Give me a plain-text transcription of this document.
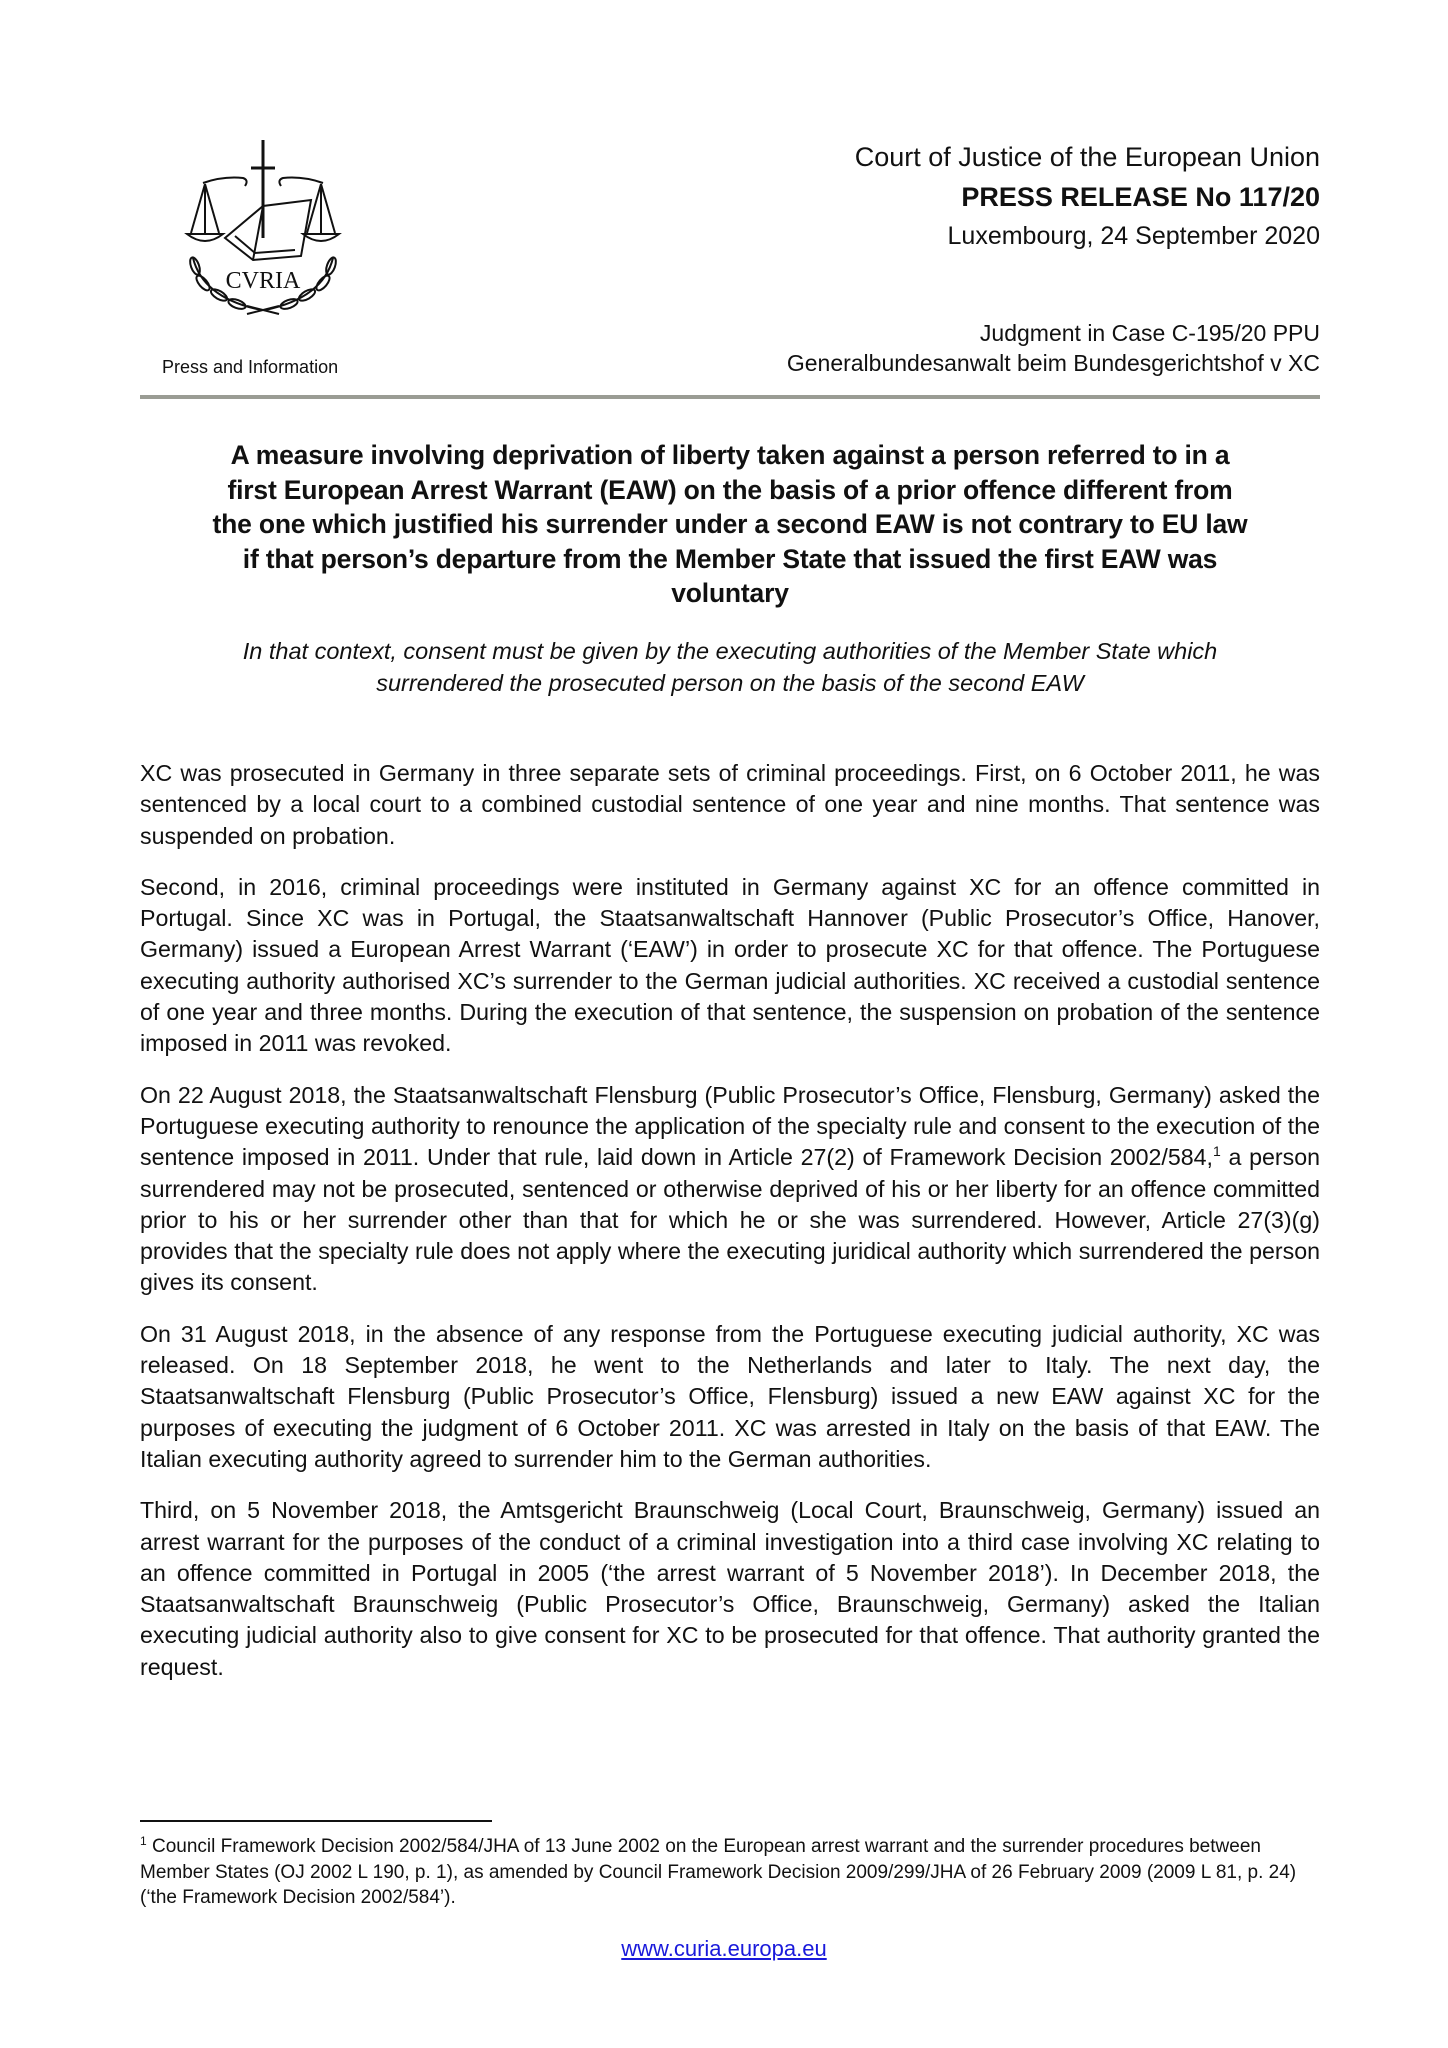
CVRIA
Press and Information
Court of Justice of the European Union
PRESS RELEASE No 117/20
Luxembourg, 24 September 2020
Judgment in Case C-195/20 PPU
Generalbundesanwalt beim Bundesgerichtshof v XC
A measure involving deprivation of liberty taken against a person referred to in a
first European Arrest Warrant (EAW) on the basis of a prior offence different from
the one which justified his surrender under a second EAW is not contrary to EU law
if that person’s departure from the Member State that issued the first EAW was
voluntary
In that context, consent must be given by the executing authorities of the Member State which
surrendered the prosecuted person on the basis of the second EAW

XC was prosecuted in Germany in three separate sets of criminal proceedings. First, on 6 October 2011, he was sentenced by a local court to a combined custodial sentence of one year and nine months. That sentence was suspended on probation.

Second, in 2016, criminal proceedings were instituted in Germany against XC for an offence committed in Portugal. Since XC was in Portugal, the Staatsanwaltschaft Hannover (Public Prosecutor’s Office, Hanover, Germany) issued a European Arrest Warrant (‘EAW’) in order to prosecute XC for that offence. The Portuguese executing authority authorised XC’s surrender to the German judicial authorities. XC received a custodial sentence of one year and three months. During the execution of that sentence, the suspension on probation of the sentence imposed in 2011 was revoked.

On 22 August 2018, the Staatsanwaltschaft Flensburg (Public Prosecutor’s Office, Flensburg, Germany) asked the Portuguese executing authority to renounce the application of the specialty rule and consent to the execution of the sentence imposed in 2011. Under that rule, laid down in Article 27(2) of Framework Decision 2002/584,$^1$ a person surrendered may not be prosecuted, sentenced or otherwise deprived of his or her liberty for an offence committed prior to his or her surrender other than that for which he or she was surrendered. However, Article 27(3)(g) provides that the specialty rule does not apply where the executing juridical authority which surrendered the person gives its consent.

On 31 August 2018, in the absence of any response from the Portuguese executing judicial authority, XC was released. On 18 September 2018, he went to the Netherlands and later to Italy. The next day, the Staatsanwaltschaft Flensburg (Public Prosecutor’s Office, Flensburg) issued a new EAW against XC for the purposes of executing the judgment of 6 October 2011. XC was arrested in Italy on the basis of that EAW. The Italian executing authority agreed to surrender him to the German authorities.

Third, on 5 November 2018, the Amtsgericht Braunschweig (Local Court, Braunschweig, Germany) issued an arrest warrant for the purposes of the conduct of a criminal investigation into a third case involving XC relating to an offence committed in Portugal in 2005 (‘the arrest warrant of 5 November 2018’). In December 2018, the Staatsanwaltschaft Braunschweig (Public Prosecutor’s Office, Braunschweig, Germany) asked the Italian executing judicial authority also to give consent for XC to be prosecuted for that offence. That authority granted the request.

$^1$ Council Framework Decision 2002/584/JHA of 13 June 2002 on the European arrest warrant and the surrender procedures between Member States (OJ 2002 L 190, p. 1), as amended by Council Framework Decision 2009/299/JHA of 26 February 2009 (2009 L 81, p. 24) (‘the Framework Decision 2002/584’).
www.curia.europa.eu
